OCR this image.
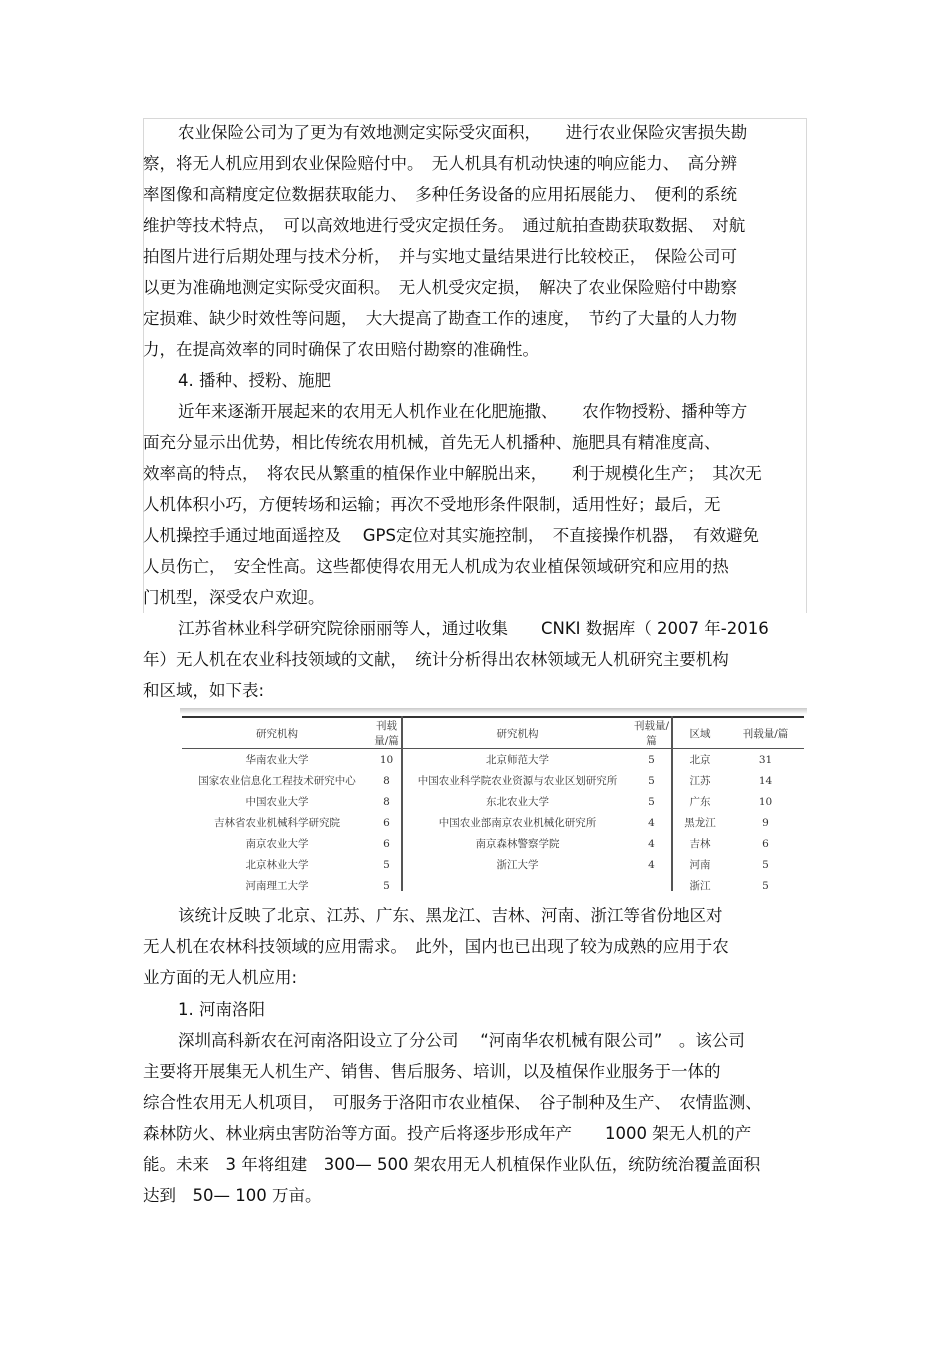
农业保险公司为了更为有效地测定实际受灾面积，　　进行农业保险灾害损失勘
察，将无人机应用到农业保险赔付中。　无人机具有机动快速的响应能力、　高分辨
率图像和高精度定位数据获取能力、　多种任务设备的应用拓展能力、　便利的系统
维护等技术特点，　可以高效地进行受灾定损任务。　通过航拍查勘获取数据、　对航
拍图片进行后期处理与技术分析，　并与实地丈量结果进行比较校正，　保险公司可
以更为准确地测定实际受灾面积。　无人机受灾定损，　解决了农业保险赔付中勘察
定损难、缺少时效性等问题，　大大提高了勘查工作的速度，　节约了大量的人力物
力，在提高效率的同时确保了农田赔付勘察的准确性。
4. 播种、授粉、施肥
近年来逐渐开展起来的农用无人机作业在化肥施撒、　　农作物授粉、播种等方
面充分显示出优势，相比传统农用机械，首先无人机播种、施肥具有精准度高、
效率高的特点，　将农民从繁重的植保作业中解脱出来，　　利于规模化生产；　其次无
人机体积小巧，方便转场和运输；再次不受地形条件限制，适用性好；最后，无
人机操控手通过地面遥控及　 GPS定位对其实施控制，　不直接操作机器，　有效避免
人员伤亡，　安全性高。这些都使得农用无人机成为农业植保领域研究和应用的热
门机型，深受农户欢迎。
江苏省林业科学研究院徐丽丽等人，通过收集　　CNKI 数据库（ 2007 年-2016
年）无人机在农业科技领域的文献，　统计分析得出农林领域无人机研究主要机构
和区域，如下表:
研究机构	刊载量/篇	研究机构	刊载量/篇	区域	刊载量/篇
华南农业大学	10	北京师范大学	5	北京	31
国家农业信息化工程技术研究中心	8	中国农业科学院农业资源与农业区划研究所	5	江苏	14
中国农业大学	8	东北农业大学	5	广东	10
吉林省农业机械科学研究院	6	中国农业部南京农业机械化研究所	4	黑龙江	9
南京农业大学	6	南京森林警察学院	4	吉林	6
北京林业大学	5	浙江大学	4	河南	5
河南理工大学	5			浙江	5
该统计反映了北京、江苏、广东、黑龙江、吉林、河南、浙江等省份地区对
无人机在农林科技领域的应用需求。　此外，国内也已出现了较为成熟的应用于农
业方面的无人机应用:
1. 河南洛阳
深圳高科新农在河南洛阳设立了分公司　 “河南华农机械有限公司”　。该公司
主要将开展集无人机生产、销售、售后服务、培训，以及植保作业服务于一体的
综合性农用无人机项目，　可服务于洛阳市农业植保、　谷子制种及生产、　农情监测、
森林防火、林业病虫害防治等方面。投产后将逐步形成年产　　1000 架无人机的产
能。未来　3 年将组建　300— 500 架农用无人机植保作业队伍，统防统治覆盖面积
达到　50— 100 万亩。
